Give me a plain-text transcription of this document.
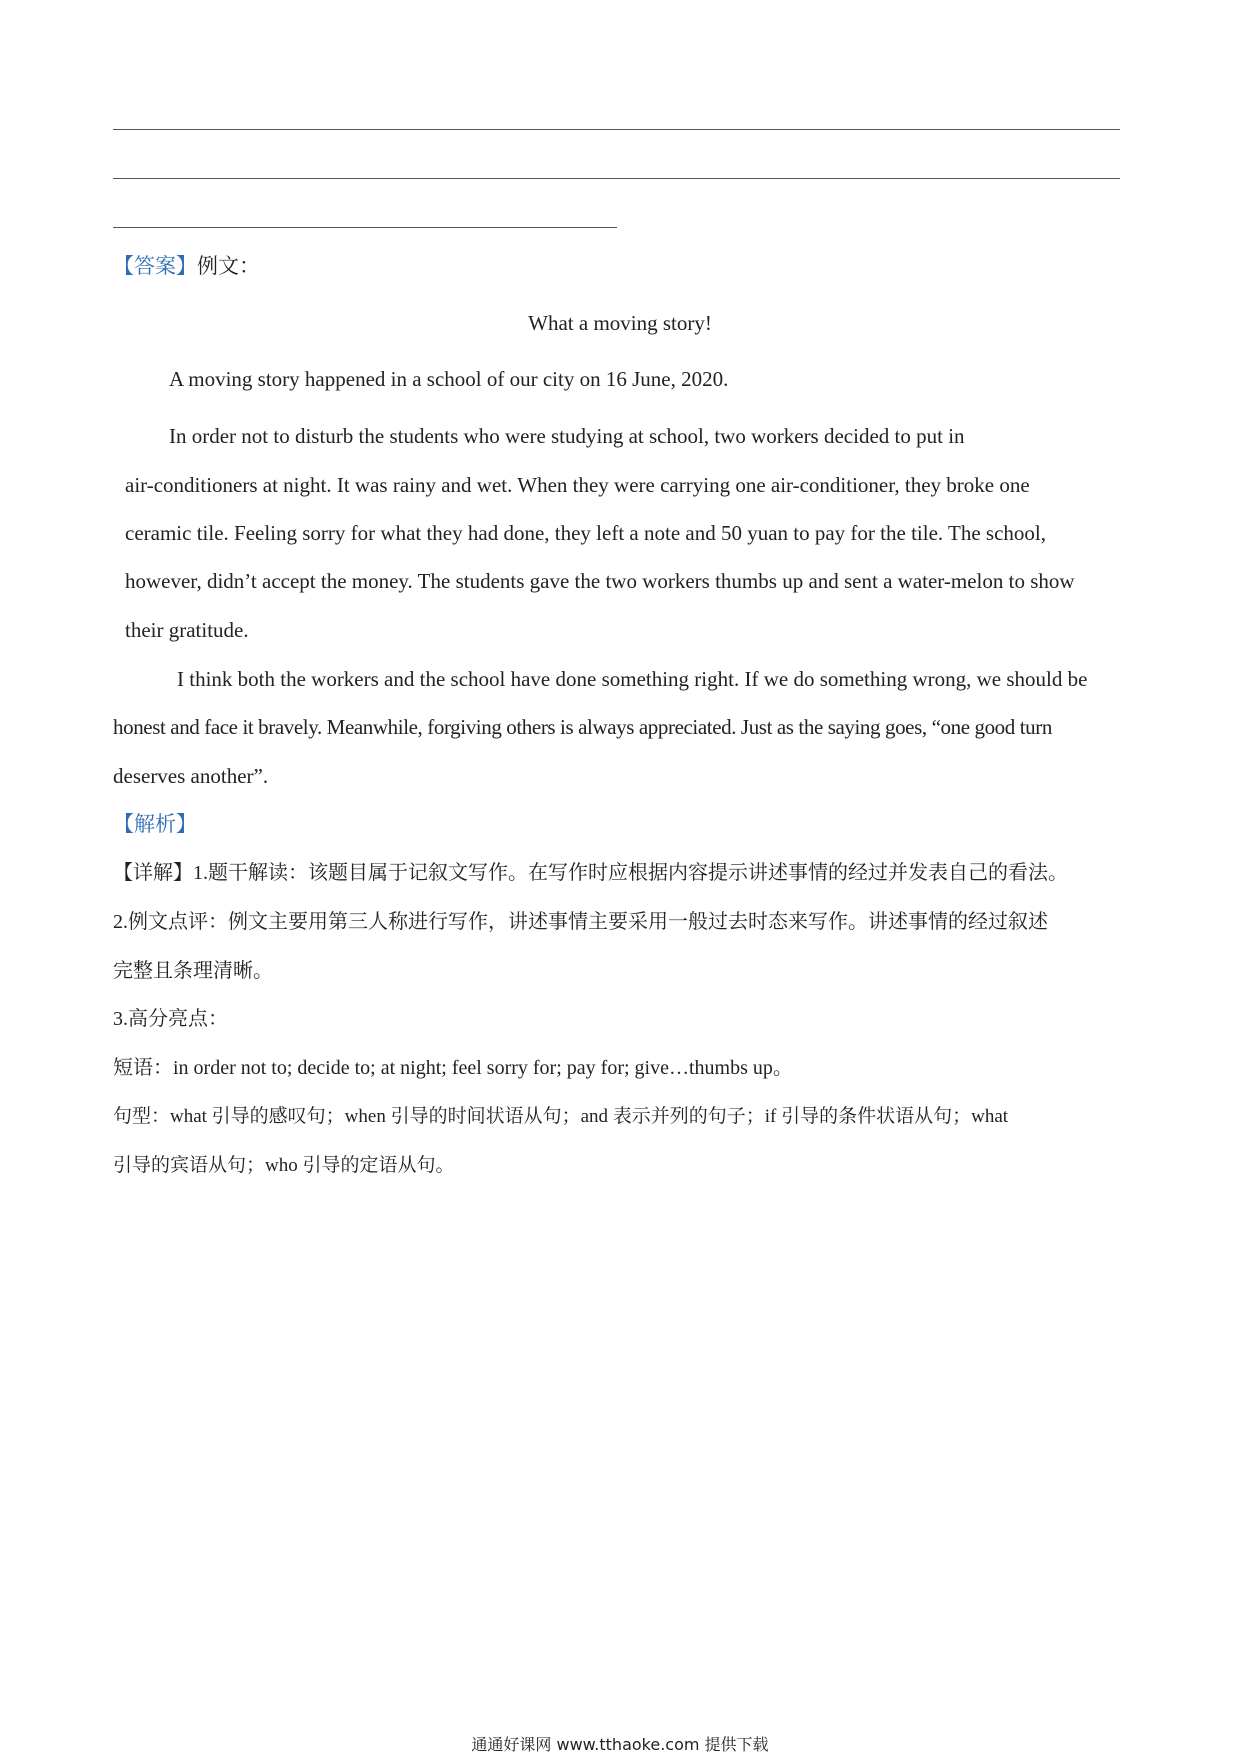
【答案】例文：
What a moving story!
A moving story happened in a school of our city on 16 June, 2020.
In order not to disturb the students who were studying at school, two workers decided to put in
air-conditioners at night. It was rainy and wet. When they were carrying one air-conditioner, they broke one
ceramic tile. Feeling sorry for what they had done, they left a note and 50 yuan to pay for the tile. The school,
however, didn’t accept the money. The students gave the two workers thumbs up and sent a water-melon to show
their gratitude.
I think both the workers and the school have done something right. If we do something wrong, we should be
honest and face it bravely. Meanwhile, forgiving others is always appreciated. Just as the saying goes, “one good turn
deserves another”.
【解析】
【详解】1.题干解读：该题目属于记叙文写作。在写作时应根据内容提示讲述事情的经过并发表自己的看法。
2.例文点评：例文主要用第三人称进行写作，讲述事情主要采用一般过去时态来写作。讲述事情的经过叙述
完整且条理清晰。
3.高分亮点：
短语：in order not to; decide to; at night; feel sorry for; pay for; give…thumbs up。
句型：what 引导的感叹句；when 引导的时间状语从句；and 表示并列的句子；if 引导的条件状语从句；what
引导的宾语从句；who 引导的定语从句。
通通好课网 www.tthaoke.com 提供下载
